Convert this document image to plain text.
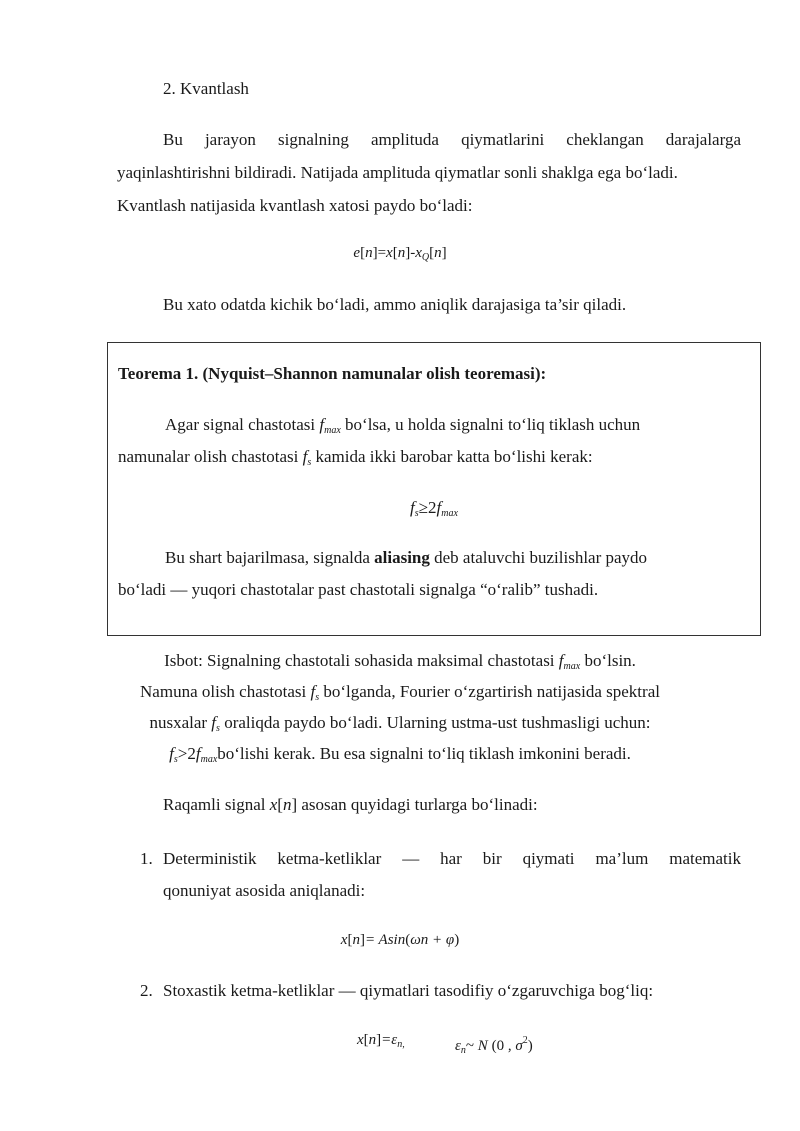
2. Kvantlash
Bu jarayon signalning amplituda qiymatlarini cheklangan darajalarga
yaqinlashtirishni bildiradi. Natijada amplituda qiymatlar sonli shaklga ega bo‘ladi.
Kvantlash natijasida kvantlash xatosi paydo bo‘ladi:
$e[n]=x[n]-x_Q[n]$
Bu xato odatda kichik bo‘ladi, ammo aniqlik darajasiga ta’sir qiladi.
Teorema 1. (Nyquist–Shannon namunalar olish teoremasi):
Agar signal chastotasi $f_{max}$ bo‘lsa, u holda signalni to‘liq tiklash uchun
namunalar olish chastotasi $f_s$ kamida ikki barobar katta bo‘lishi kerak:
$f_s\ge 2f_{max}$
Bu shart bajarilmasa, signalda aliasing deb ataluvchi buzilishlar paydo
bo‘ladi — yuqori chastotalar past chastotali signalga “o‘ralib” tushadi.
Isbot: Signalning chastotali sohasida maksimal chastotasi $f_{max}$ bo‘lsin.
Namuna olish chastotasi $f_s$ bo‘lganda, Fourier o‘zgartirish natijasida spektral
nusxalar $f_s$ oraliqda paydo bo‘ladi. Ularning ustma-ust tushmasligi uchun:
$f_s>2f_{max}bo‘lishi$ kerak. Bu esa signalni to‘liq tiklash imkonini beradi.
Raqamli signal x[n] asosan quyidagi turlarga bo‘linadi:
1. Deterministik ketma-ketliklar — har bir qiymati ma’lum matematik
qonuniyat asosida aniqlanadi:
x[n]= Asin(ωn + φ)
2. Stoxastik ketma-ketliklar — qiymatlari tasodifiy o‘zgaruvchiga bog‘liq:
$x[n]=\varepsilon_{n,}$	$\varepsilon_n\sim$ N (0 , $\sigma^2$)
